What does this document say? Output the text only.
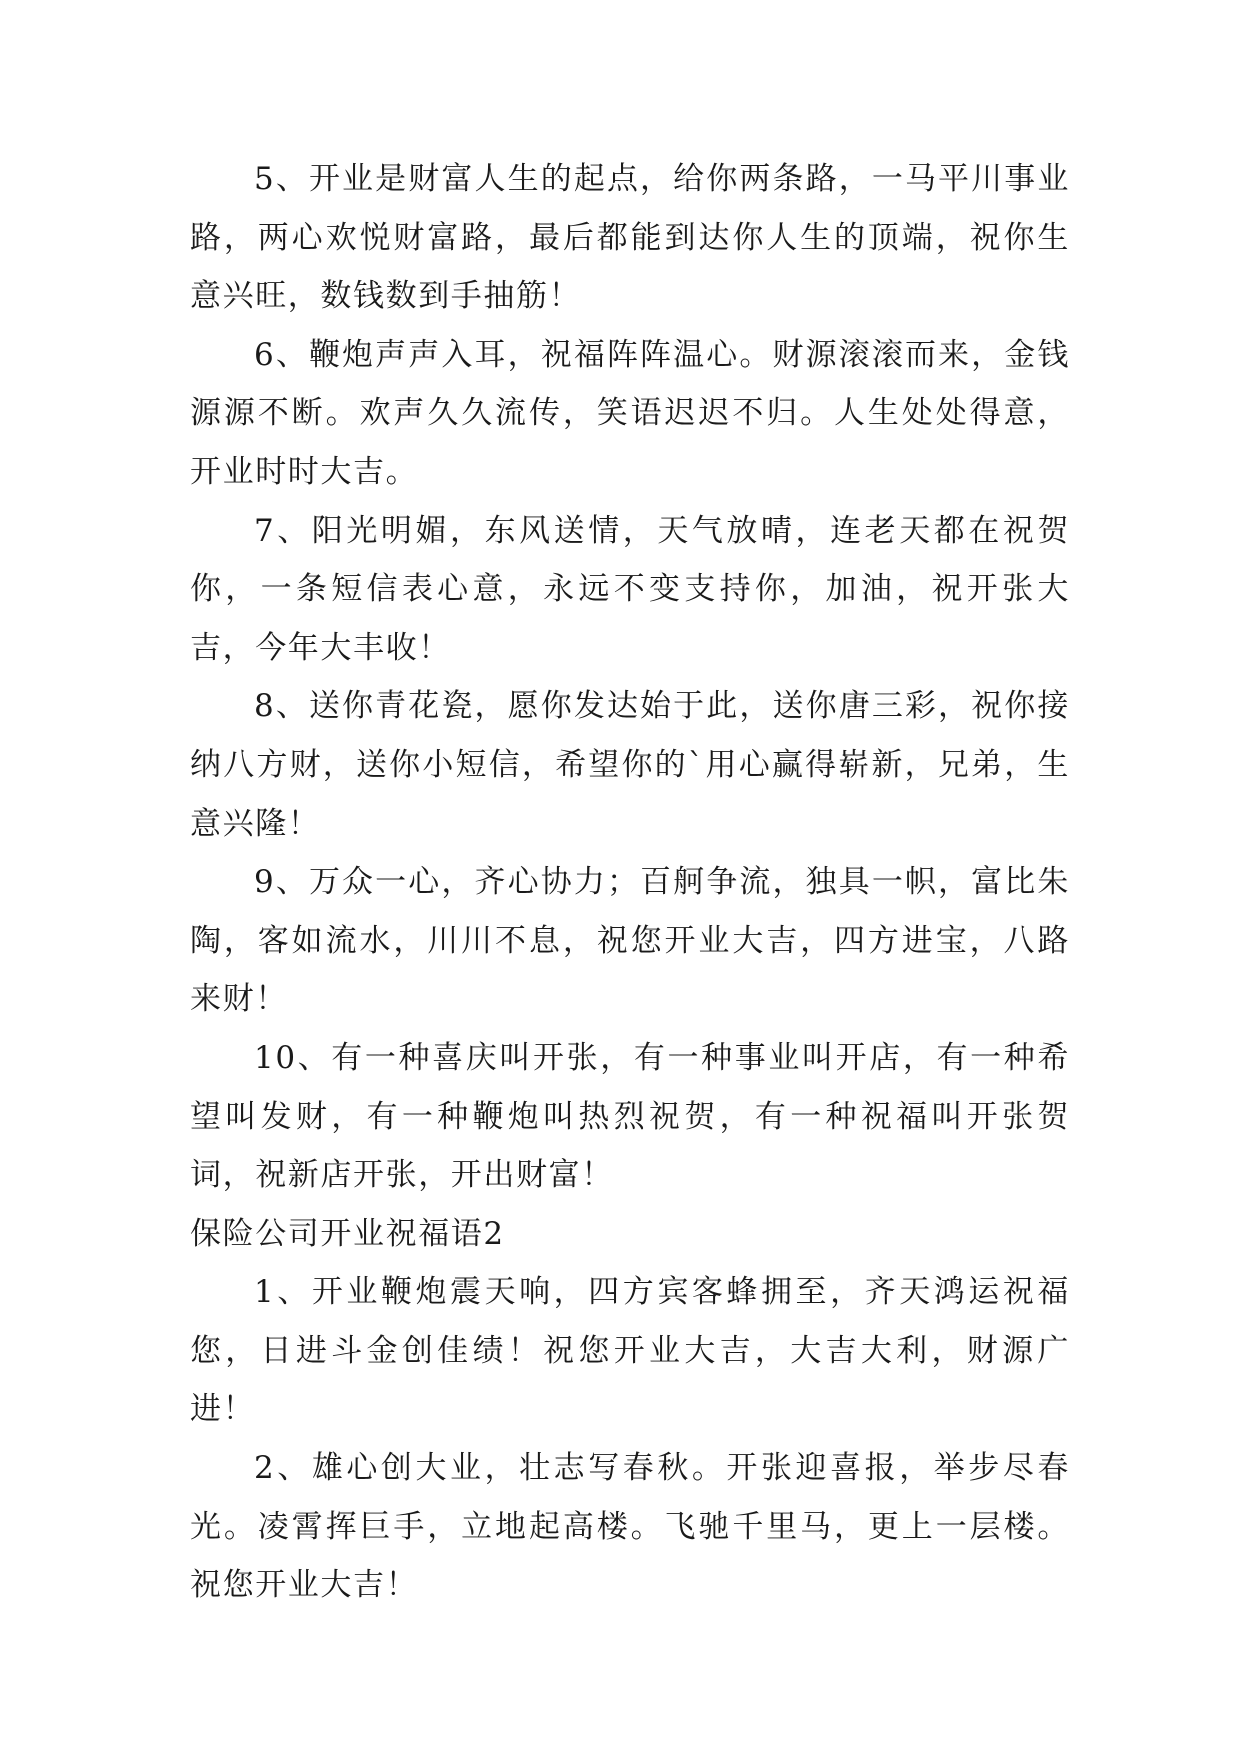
5、开业是财富人生的起点，给你两条路，一马平川事业路，两心欢悦财富路，最后都能到达你人生的顶端，祝你生意兴旺，数钱数到手抽筋！

6、鞭炮声声入耳，祝福阵阵温心。财源滚滚而来，金钱源源不断。欢声久久流传，笑语迟迟不归。人生处处得意，开业时时大吉。

7、阳光明媚，东风送情，天气放晴，连老天都在祝贺你，一条短信表心意，永远不变支持你，加油，祝开张大吉，今年大丰收！

8、送你青花瓷，愿你发达始于此，送你唐三彩，祝你接纳八方财，送你小短信，希望你的`用心赢得崭新，兄弟，生意兴隆！

9、万众一心，齐心协力；百舸争流，独具一帜，富比朱陶，客如流水，川川不息，祝您开业大吉，四方进宝，八路来财！

10、有一种喜庆叫开张，有一种事业叫开店，有一种希望叫发财，有一种鞭炮叫热烈祝贺，有一种祝福叫开张贺词，祝新店开张，开出财富！

保险公司开业祝福语2

1、开业鞭炮震天响，四方宾客蜂拥至，齐天鸿运祝福您，日进斗金创佳绩！祝您开业大吉，大吉大利，财源广进！

2、雄心创大业，壮志写春秋。开张迎喜报，举步尽春光。凌霄挥巨手，立地起高楼。飞驰千里马，更上一层楼。祝您开业大吉！
